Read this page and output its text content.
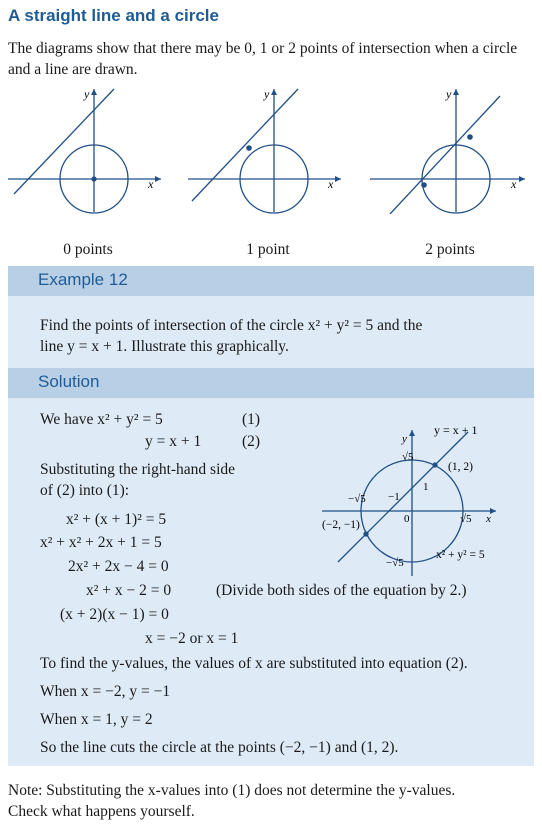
A straight line and a circle
The diagrams show that there may be 0, 1 or 2 points of intersection when a circle and a line are drawn.
x
y
x
y
x
y
0 points	1 point	2 points
Example 12
Find the points of intersection of the circle x² + y² = 5 and the
line y = x + 1. Illustrate this graphically.
Solution
We have x² + y² = 5	(1)
y = x + 1	(2)
Substituting the right-hand side
of (2) into (1):
x² + (x + 1)² = 5
x² + x² + 2x + 1 = 5
2x² + 2x − 4 = 0
x² + x − 2 = 0	(Divide both sides of the equation by 2.)
(x + 2)(x − 1) = 0
x = −2 or x = 1
To find the y-values, the values of x are substituted into equation (2).
When x = −2, y = −1
When x = 1, y = 2
So the line cuts the circle at the points (−2, −1) and (1, 2).
y = x + 1
y
√5
(1, 2)
1
−√5 −1
0	√5 x
(−2, −1)
−√5
x² + y² = 5
Note: Substituting the x-values into (1) does not determine the y-values.
Check what happens yourself.
